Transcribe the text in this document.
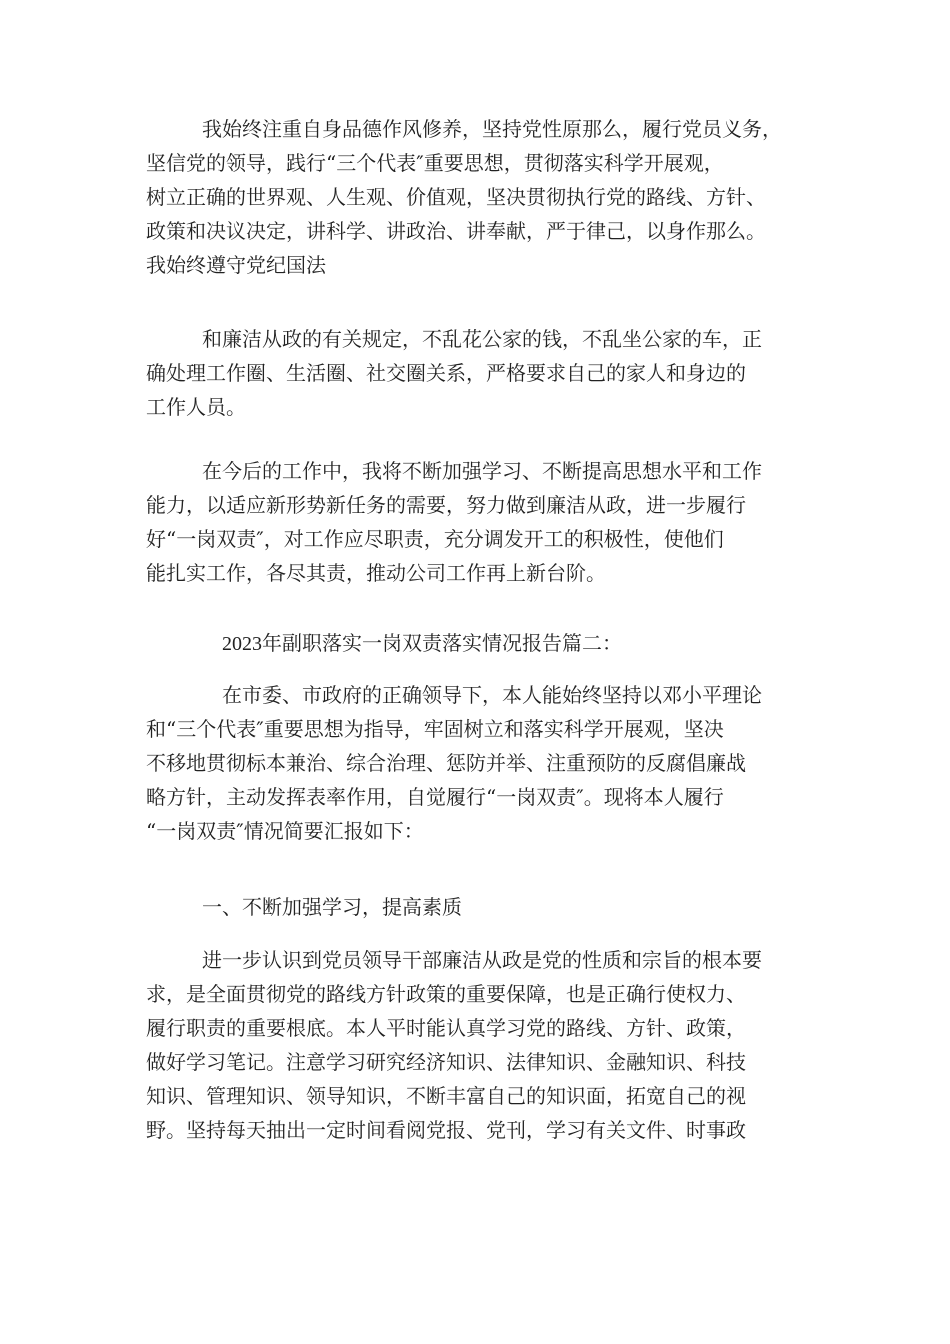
我始终注重自身品德作风修养，坚持党性原那么，履行党员义务，
坚信党的领导，践行“三个代表″重要思想，贯彻落实科学开展观，
树立正确的世界观、人生观、价值观，坚决贯彻执行党的路线、方针、
政策和决议决定，讲科学、讲政治、讲奉献，严于律己，以身作那么。
我始终遵守党纪国法
和廉洁从政的有关规定，不乱花公家的钱，不乱坐公家的车，正
确处理工作圈、生活圈、社交圈关系，严格要求自己的家人和身边的
工作人员。
在今后的工作中，我将不断加强学习、不断提高思想水平和工作
能力，以适应新形势新任务的需要，努力做到廉洁从政，进一步履行
好“一岗双责″，对工作应尽职责，充分调发开工的积极性，使他们
能扎实工作，各尽其责，推动公司工作再上新台阶。
2023年副职落实一岗双责落实情况报告篇二：
在市委、市政府的正确领导下，本人能始终坚持以邓小平理论
和“三个代表″重要思想为指导，牢固树立和落实科学开展观，坚决
不移地贯彻标本兼治、综合治理、惩防并举、注重预防的反腐倡廉战
略方针，主动发挥表率作用，自觉履行“一岗双责″。现将本人履行
“一岗双责″情况简要汇报如下：
一、不断加强学习，提高素质
进一步认识到党员领导干部廉洁从政是党的性质和宗旨的根本要
求，是全面贯彻党的路线方针政策的重要保障，也是正确行使权力、
履行职责的重要根底。本人平时能认真学习党的路线、方针、政策，
做好学习笔记。注意学习研究经济知识、法律知识、金融知识、科技
知识、管理知识、领导知识，不断丰富自己的知识面，拓宽自己的视
野。坚持每天抽出一定时间看阅党报、党刊，学习有关文件、时事政
